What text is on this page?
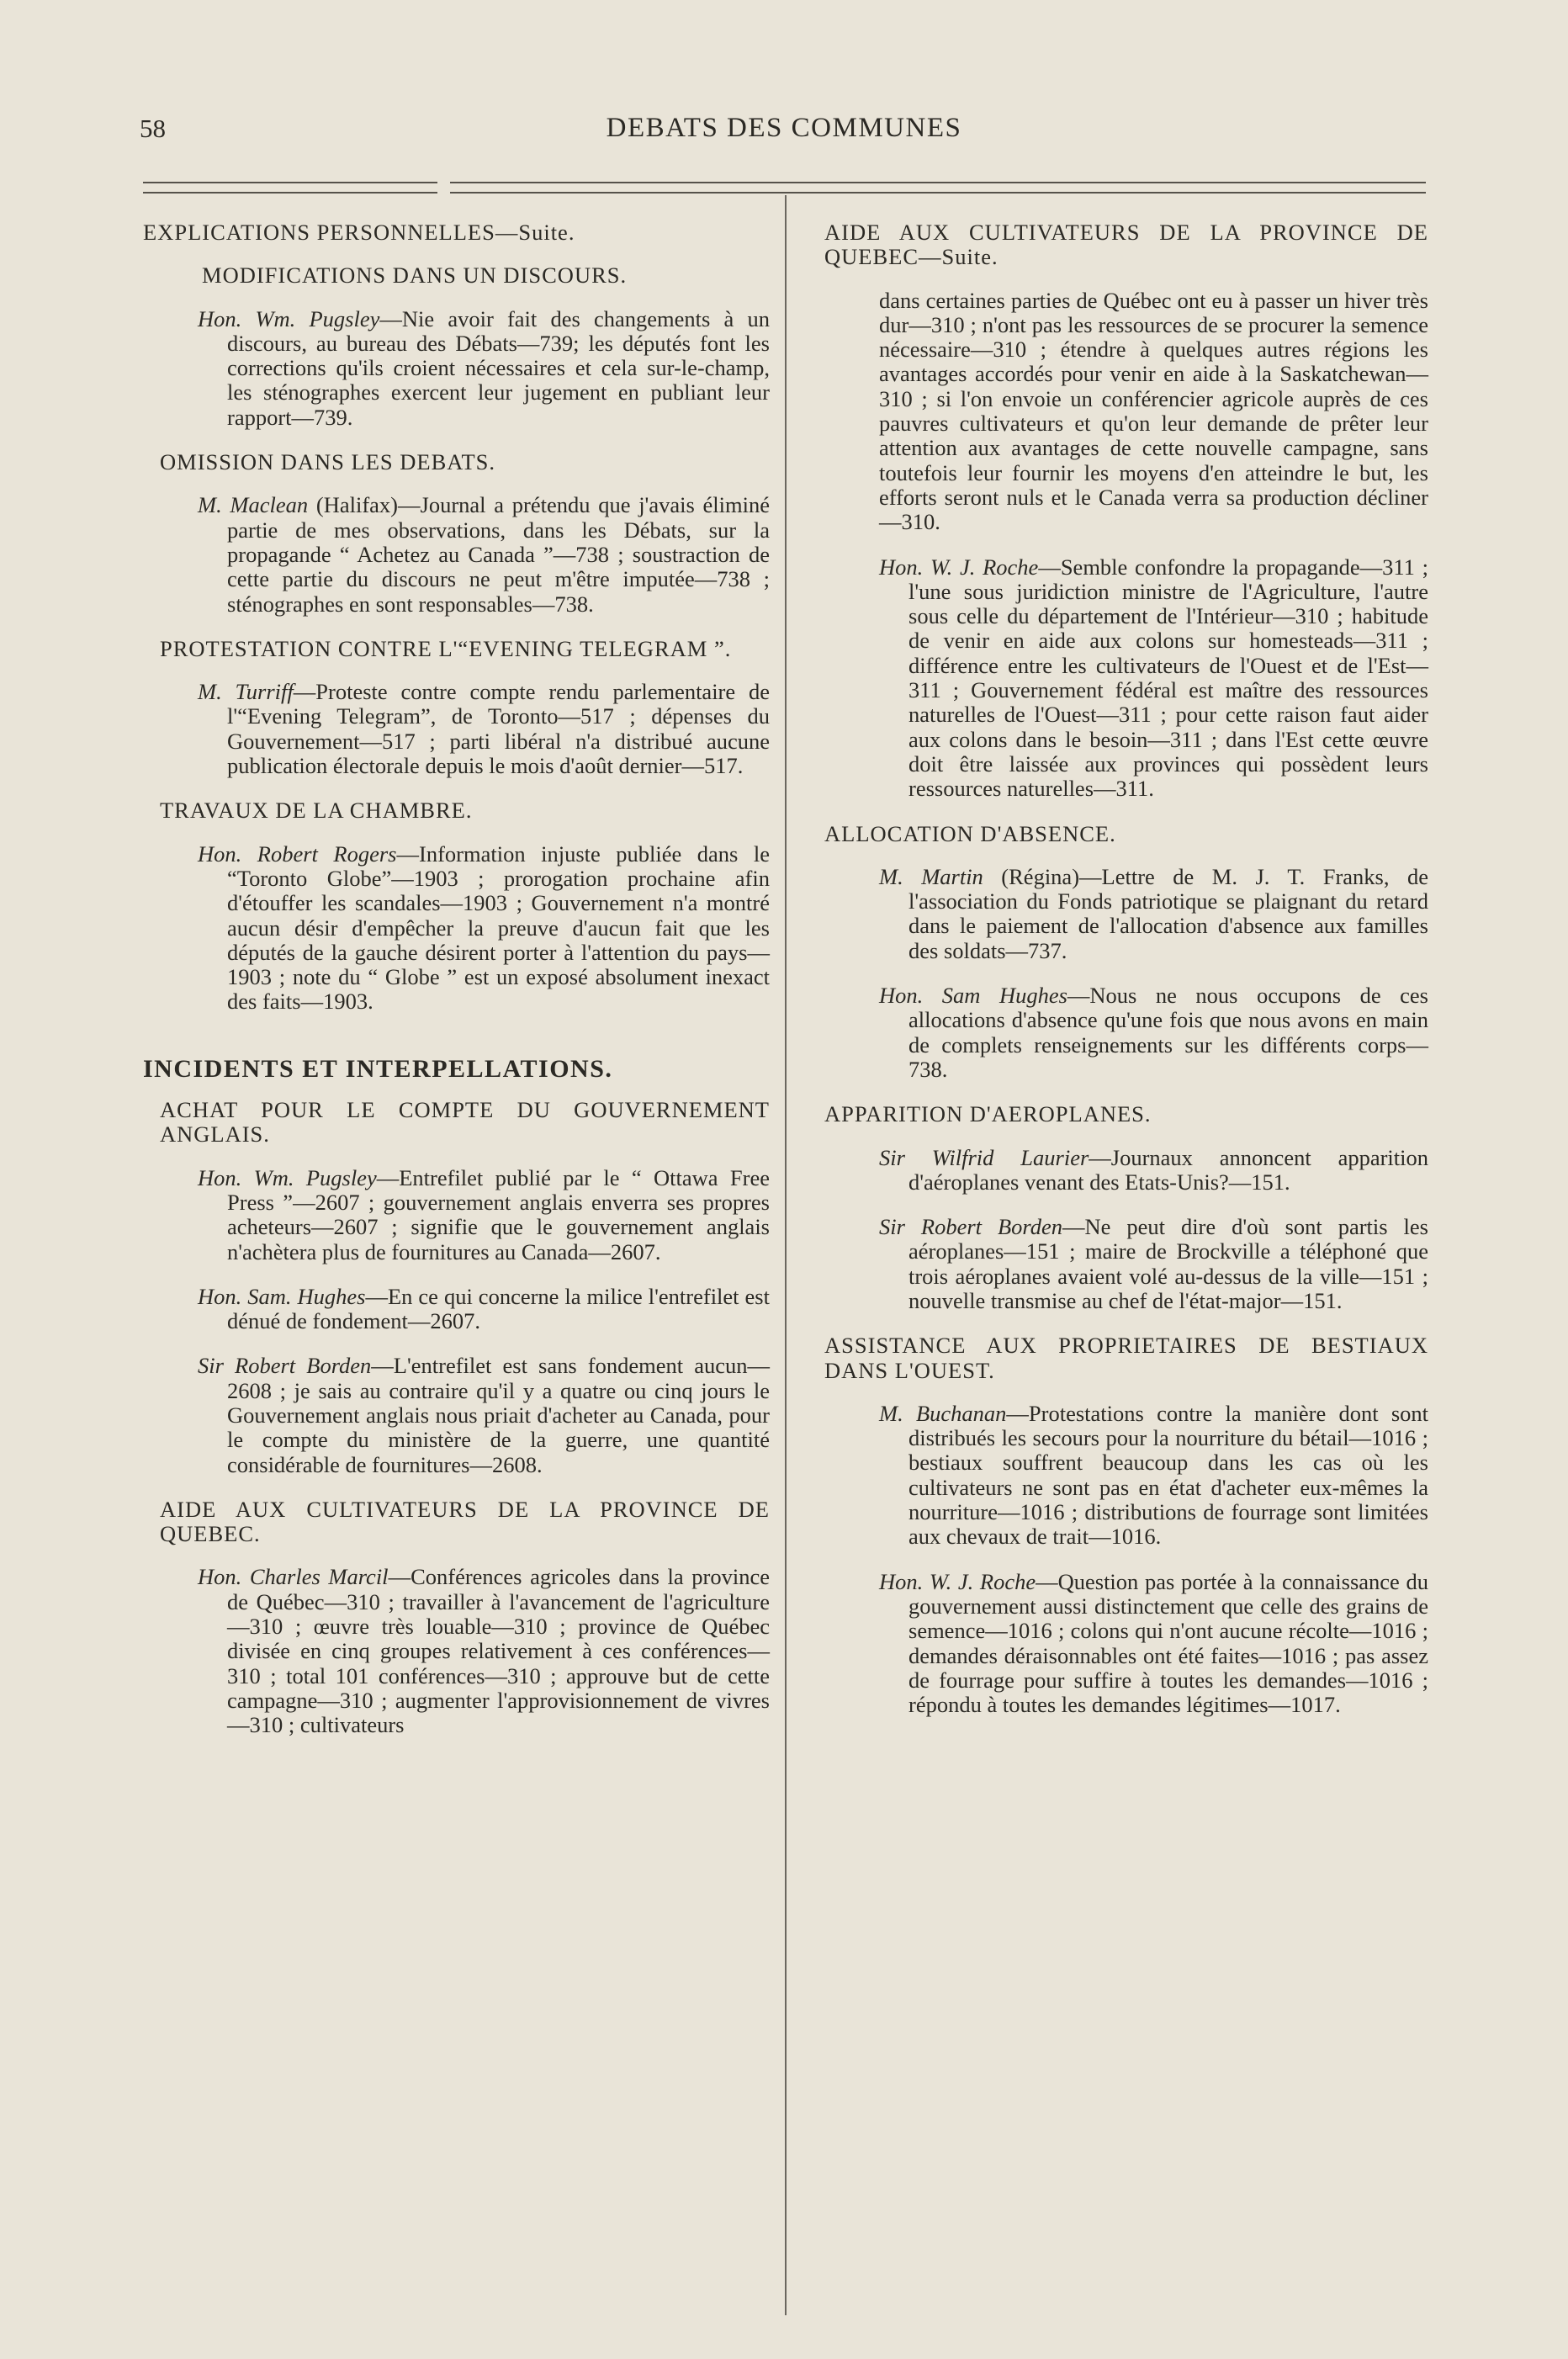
58	DEBATS DES COMMUNES

EXPLICATIONS PERSONNELLES—Suite.

MODIFICATIONS DANS UN DISCOURS.

Hon. Wm. Pugsley—Nie avoir fait des changements à un discours, au bureau des Débats—739; les députés font les corrections qu'ils croient nécessaires et cela sur-le-champ, les sténographes exercent leur jugement en publiant leur rapport—739.

OMISSION DANS LES DEBATS.

M. Maclean (Halifax)—Journal a prétendu que j'avais éliminé partie de mes observations, dans les Débats, sur la propagande “ Achetez au Canada ”—738 ; soustraction de cette partie du discours ne peut m'être imputée—738 ; sténographes en sont responsables—738.

PROTESTATION CONTRE L'“EVENING TELEGRAM ”.

M. Turriff—Proteste contre compte rendu parlementaire de l'“Evening Telegram”, de Toronto—517 ; dépenses du Gouvernement—517 ; parti libéral n'a distribué aucune publication électorale depuis le mois d'août dernier—517.

TRAVAUX DE LA CHAMBRE.

Hon. Robert Rogers—Information injuste publiée dans le “Toronto Globe”—1903 ; prorogation prochaine afin d'étouffer les scandales—1903 ; Gouvernement n'a montré aucun désir d'empêcher la preuve d'aucun fait que les députés de la gauche désirent porter à l'attention du pays—1903 ; note du “ Globe ” est un exposé absolument inexact des faits—1903.

INCIDENTS ET INTERPELLATIONS.

ACHAT POUR LE COMPTE DU GOUVERNEMENT ANGLAIS.

Hon. Wm. Pugsley—Entrefilet publié par le “ Ottawa Free Press ”—2607 ; gouvernement anglais enverra ses propres acheteurs—2607 ; signifie que le gouvernement anglais n'achètera plus de fournitures au Canada—2607.

Hon. Sam. Hughes—En ce qui concerne la milice l'entrefilet est dénué de fondement—2607.

Sir Robert Borden—L'entrefilet est sans fondement aucun—2608 ; je sais au contraire qu'il y a quatre ou cinq jours le Gouvernement anglais nous priait d'acheter au Canada, pour le compte du ministère de la guerre, une quantité considérable de fournitures—2608.

AIDE AUX CULTIVATEURS DE LA PROVINCE DE QUEBEC.

Hon. Charles Marcil—Conférences agricoles dans la province de Québec—310 ; travailler à l'avancement de l'agriculture—310 ; œuvre très louable—310 ; province de Québec divisée en cinq groupes relativement à ces conférences—310 ; total 101 conférences—310 ; approuve but de cette campagne—310 ; augmenter l'approvisionnement de vivres—310 ; cultivateurs

AIDE AUX CULTIVATEURS DE LA PROVINCE DE QUEBEC—Suite.

dans certaines parties de Québec ont eu à passer un hiver très dur—310 ; n'ont pas les ressources de se procurer la semence nécessaire—310 ; étendre à quelques autres régions les avantages accordés pour venir en aide à la Saskatchewan—310 ; si l'on envoie un conférencier agricole auprès de ces pauvres cultivateurs et qu'on leur demande de prêter leur attention aux avantages de cette nouvelle campagne, sans toutefois leur fournir les moyens d'en atteindre le but, les efforts seront nuls et le Canada verra sa production décliner—310.

Hon. W. J. Roche—Semble confondre la propagande—311 ; l'une sous juridiction ministre de l'Agriculture, l'autre sous celle du département de l'Intérieur—310 ; habitude de venir en aide aux colons sur homesteads—311 ; différence entre les cultivateurs de l'Ouest et de l'Est—311 ; Gouvernement fédéral est maître des ressources naturelles de l'Ouest—311 ; pour cette raison faut aider aux colons dans le besoin—311 ; dans l'Est cette œuvre doit être laissée aux provinces qui possèdent leurs ressources naturelles—311.

ALLOCATION D'ABSENCE.

M. Martin (Régina)—Lettre de M. J. T. Franks, de l'association du Fonds patriotique se plaignant du retard dans le paiement de l'allocation d'absence aux familles des soldats—737.

Hon. Sam Hughes—Nous ne nous occupons de ces allocations d'absence qu'une fois que nous avons en main de complets renseignements sur les différents corps—738.

APPARITION D'AEROPLANES.

Sir Wilfrid Laurier—Journaux annoncent apparition d'aéroplanes venant des Etats-Unis?—151.

Sir Robert Borden—Ne peut dire d'où sont partis les aéroplanes—151 ; maire de Brockville a téléphoné que trois aéroplanes avaient volé au-dessus de la ville—151 ; nouvelle transmise au chef de l'état-major—151.

ASSISTANCE AUX PROPRIETAIRES DE BESTIAUX DANS L'OUEST.

M. Buchanan—Protestations contre la manière dont sont distribués les secours pour la nourriture du bétail—1016 ; bestiaux souffrent beaucoup dans les cas où les cultivateurs ne sont pas en état d'acheter eux-mêmes la nourriture—1016 ; distributions de fourrage sont limitées aux chevaux de trait—1016.

Hon. W. J. Roche—Question pas portée à la connaissance du gouvernement aussi distinctement que celle des grains de semence—1016 ; colons qui n'ont aucune récolte—1016 ; demandes déraisonnables ont été faites—1016 ; pas assez de fourrage pour suffire à toutes les demandes—1016 ; répondu à toutes les demandes légitimes—1017.
